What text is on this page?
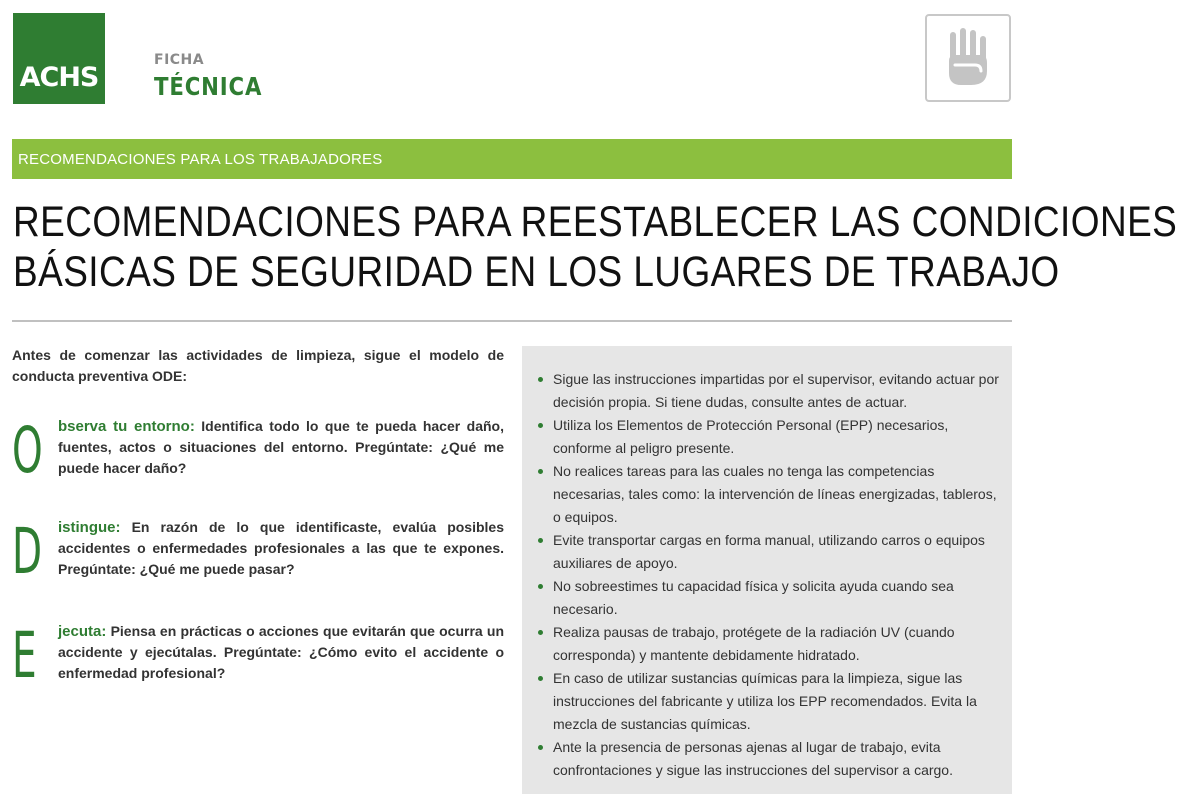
ACHS
FICHA
TÉCNICA
RECOMENDACIONES PARA LOS TRABAJADORES
RECOMENDACIONES PARA REESTABLECER LAS CONDICIONES
BÁSICAS DE SEGURIDAD EN LOS LUGARES DE TRABAJO
Antes de comenzar las actividades de limpieza, sigue el modelo de conducta preventiva ODE:
O bserva tu entorno: Identifica todo lo que te pueda hacer daño, fuentes, actos o situaciones del entorno. Pregúntate: ¿Qué me puede hacer daño?
D istingue: En razón de lo que identificaste, evalúa posibles accidentes o enfermedades profesionales a las que te expones. Pregúntate: ¿Qué me puede pasar?
E jecuta: Piensa en prácticas o acciones que evitarán que ocurra un accidente y ejecútalas. Pregúntate: ¿Cómo evito el accidente o enfermedad profesional?
Sigue las instrucciones impartidas por el supervisor, evitando actuar por decisión propia. Si tiene dudas, consulte antes de actuar.
Utiliza los Elementos de Protección Personal (EPP) necesarios, conforme al peligro presente.
No realices tareas para las cuales no tenga las competencias necesarias, tales como: la intervención de líneas energizadas, tableros, o equipos.
Evite transportar cargas en forma manual, utilizando carros o equipos auxiliares de apoyo.
No sobreestimes tu capacidad física y solicita ayuda cuando sea necesario.
Realiza pausas de trabajo, protégete de la radiación UV (cuando corresponda) y mantente debidamente hidratado.
En caso de utilizar sustancias químicas para la limpieza, sigue las instrucciones del fabricante y utiliza los EPP recomendados. Evita la mezcla de sustancias químicas.
Ante la presencia de personas ajenas al lugar de trabajo, evita confrontaciones y sigue las instrucciones del supervisor a cargo.
